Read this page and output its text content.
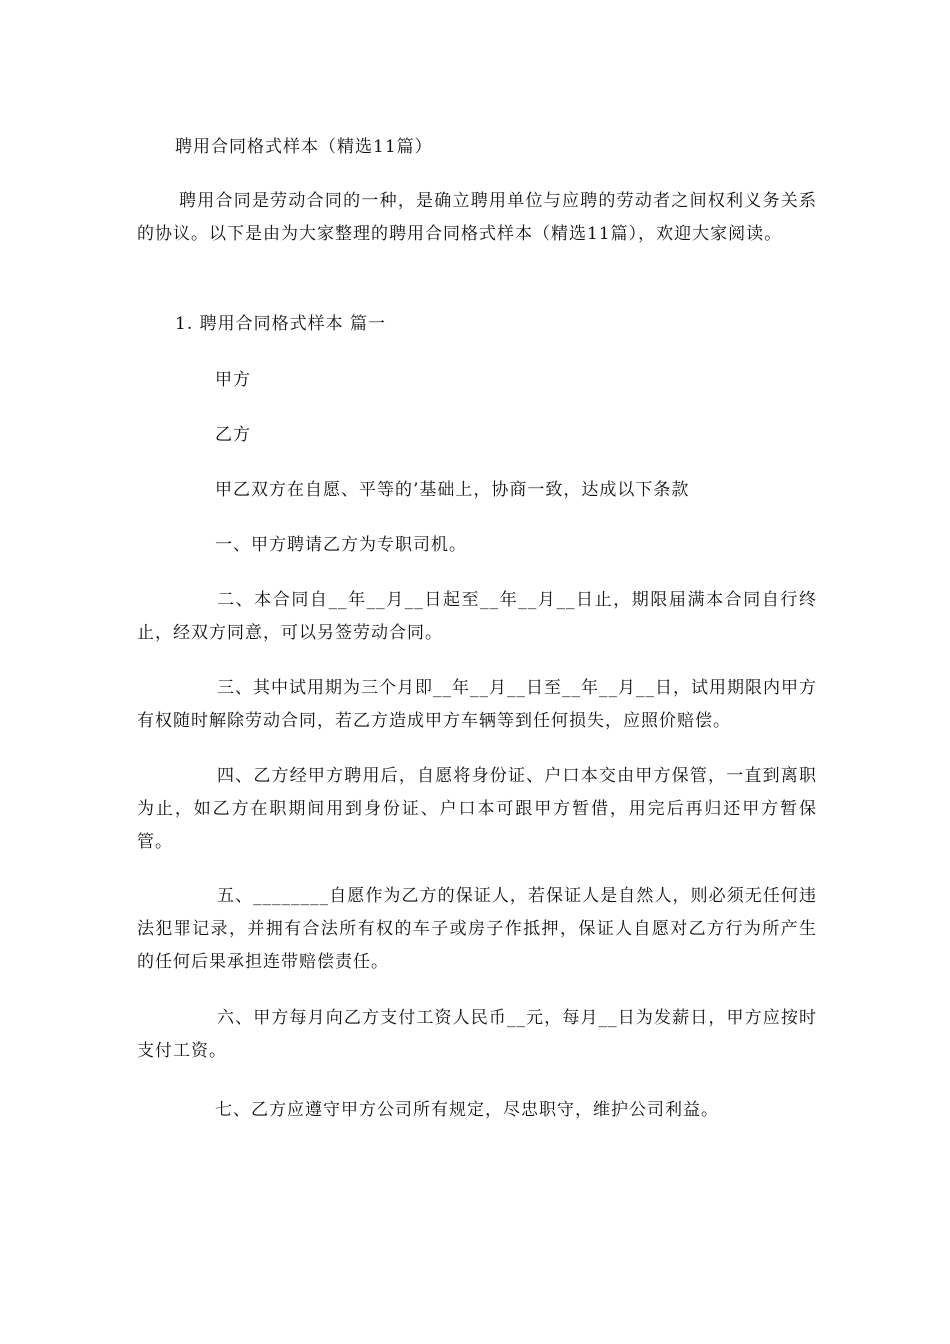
聘用合同格式样本（精选11篇）
聘用合同是劳动合同的一种，是确立聘用单位与应聘的劳动者之间权利义务关系的协议。以下是由为大家整理的聘用合同格式样本（精选11篇），欢迎大家阅读。
1. 聘用合同格式样本 篇一
甲方
乙方
甲乙双方在自愿、平等的’基础上，协商一致，达成以下条款
一、甲方聘请乙方为专职司机。
二、本合同自__年__月__日起至__年__月__日止，期限届满本合同自行终止，经双方同意，可以另签劳动合同。
三、其中试用期为三个月即__年__月__日至__年__月__日，试用期限内甲方有权随时解除劳动合同，若乙方造成甲方车辆等到任何损失，应照价赔偿。
四、乙方经甲方聘用后，自愿将身份证、户口本交由甲方保管，一直到离职为止，如乙方在职期间用到身份证、户口本可跟甲方暂借，用完后再归还甲方暂保管。
五、________自愿作为乙方的保证人，若保证人是自然人，则必须无任何违法犯罪记录，并拥有合法所有权的车子或房子作抵押，保证人自愿对乙方行为所产生的任何后果承担连带赔偿责任。
六、甲方每月向乙方支付工资人民币__元，每月__日为发薪日，甲方应按时支付工资。
七、乙方应遵守甲方公司所有规定，尽忠职守，维护公司利益。
